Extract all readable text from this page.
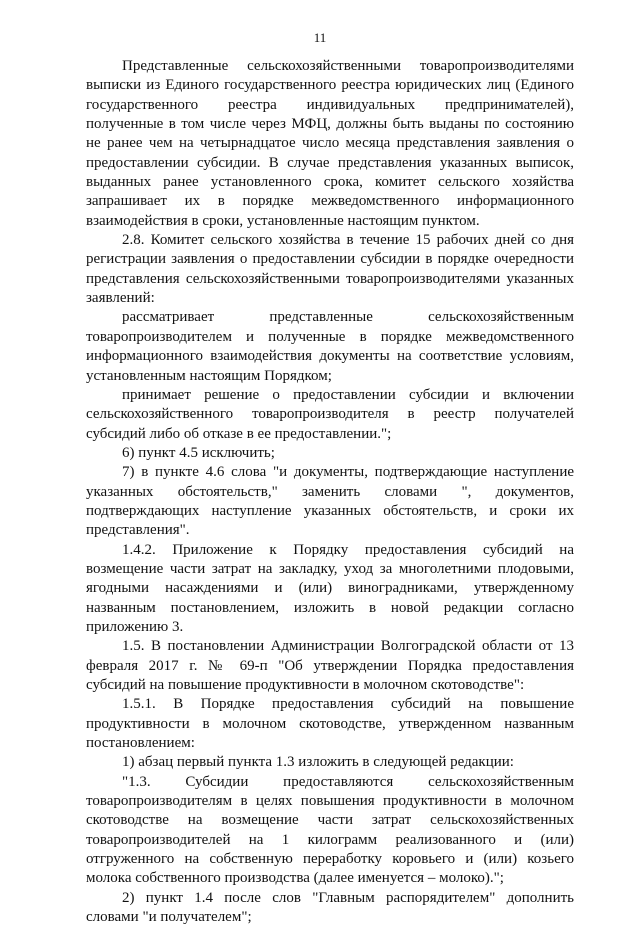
11

Представленные сельскохозяйственными товаропроизводителями выписки из Единого государственного реестра юридических лиц (Единого государственного реестра индивидуальных предпринимателей), полученные в том числе через МФЦ, должны быть выданы по состоянию не ранее чем на четырнадцатое число месяца представления заявления о предоставлении субсидии. В случае представления указанных выписок, выданных ранее установленного срока, комитет сельского хозяйства запрашивает их в порядке межведомственного информационного взаимодействия в сроки, установленные настоящим пунктом.

2.8. Комитет сельского хозяйства в течение 15 рабочих дней со дня регистрации заявления о предоставлении субсидии в порядке очередности представления сельскохозяйственными товаропроизводителями указанных заявлений:

рассматривает представленные сельскохозяйственным товаропроизводителем и полученные в порядке межведомственного информационного взаимодействия документы на соответствие условиям, установленным настоящим Порядком;

принимает решение о предоставлении субсидии и включении сельскохозяйственного товаропроизводителя в реестр получателей субсидий либо об отказе в ее предоставлении.";

6) пункт 4.5 исключить;

7) в пункте 4.6 слова "и документы, подтверждающие наступление указанных обстоятельств," заменить словами ", документов, подтверждающих наступление указанных обстоятельств, и сроки их представления".

1.4.2. Приложение к Порядку предоставления субсидий на возмещение части затрат на закладку, уход за многолетними плодовыми, ягодными насаждениями и (или) виноградниками, утвержденному названным постановлением, изложить в новой редакции согласно приложению 3.

1.5. В постановлении Администрации Волгоградской области от 13 февраля 2017 г. № 69-п "Об утверждении Порядка предоставления субсидий на повышение продуктивности в молочном скотоводстве":

1.5.1. В Порядке предоставления субсидий на повышение продуктивности в молочном скотоводстве, утвержденном названным постановлением:

1) абзац первый пункта 1.3 изложить в следующей редакции:

"1.3. Субсидии предоставляются сельскохозяйственным товаропроизводителям в целях повышения продуктивности в молочном скотоводстве на возмещение части затрат сельскохозяйственных товаропроизводителей на 1 килограмм реализованного и (или) отгруженного на собственную переработку коровьего и (или) козьего молока собственного производства (далее именуется – молоко).";

2) пункт 1.4 после слов "Главным распорядителем" дополнить словами "и получателем";
